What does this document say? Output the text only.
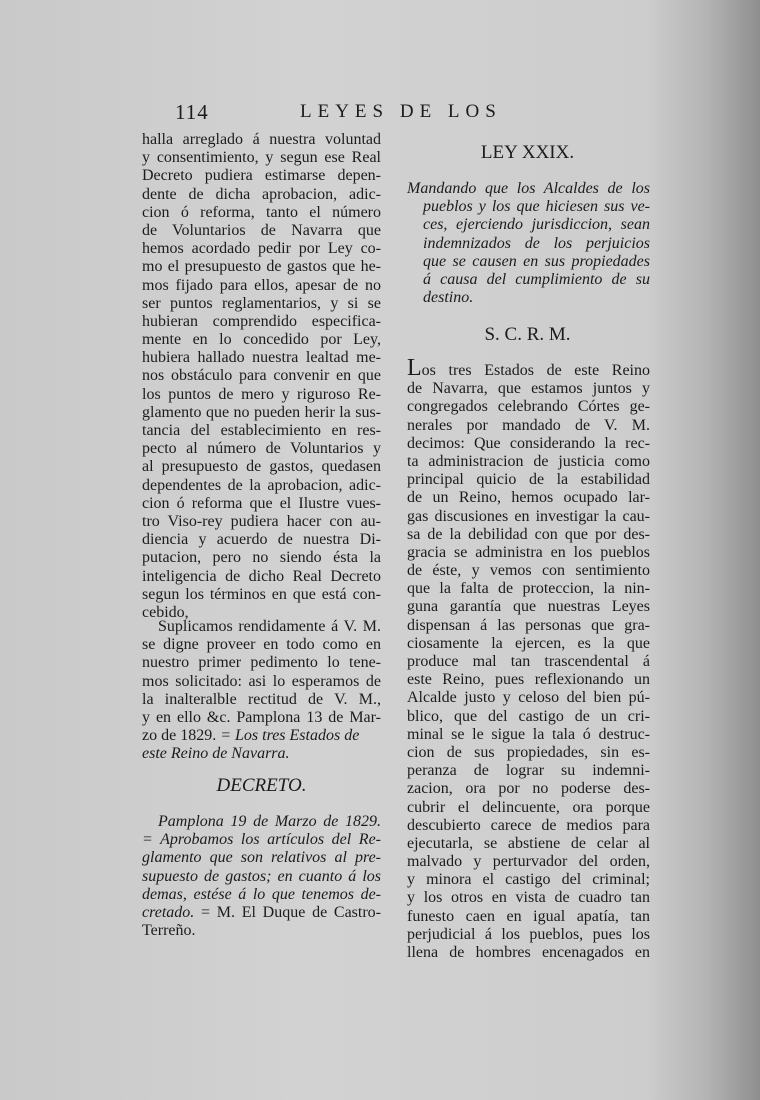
114	LEYES DE LOS
halla arreglado á nuestra voluntad
y consentimiento, y segun ese Real
Decreto pudiera estimarse depen-
dente de dicha aprobacion, adic-
cion ó reforma, tanto el número
de Voluntarios de Navarra que
hemos acordado pedir por Ley co-
mo el presupuesto de gastos que he-
mos fijado para ellos, apesar de no
ser puntos reglamentarios, y si se
hubieran comprendido especifica-
mente en lo concedido por Ley,
hubiera hallado nuestra lealtad me-
nos obstáculo para convenir en que
los puntos de mero y riguroso Re-
glamento que no pueden herir la sus-
tancia del establecimiento en res-
pecto al número de Voluntarios y
al presupuesto de gastos, quedasen
dependentes de la aprobacion, adic-
cion ó reforma que el Ilustre vues-
tro Viso-rey pudiera hacer con au-
diencia y acuerdo de nuestra Di-
putacion, pero no siendo ésta la
inteligencia de dicho Real Decreto
segun los términos en que está con-
cebido,
Suplicamos rendidamente á V. M.
se digne proveer en todo como en
nuestro primer pedimento lo tene-
mos solicitado: asi lo esperamos de
la inalteralble rectitud de V. M.,
y en ello &c. Pamplona 13 de Mar-
zo de 1829. = Los tres Estados de
este Reino de Navarra.
DECRETO.
Pamplona 19 de Marzo de 1829.
= Aprobamos los artículos del Re-
glamento que son relativos al pre-
supuesto de gastos; en cuanto á los
demas, estése á lo que tenemos de-
cretado. = M. El Duque de Castro-
Terreño.
LEY XXIX.
Mandando que los Alcaldes de los
pueblos y los que hiciesen sus ve-
ces, ejerciendo jurisdiccion, sean
indemnizados de los perjuicios
que se causen en sus propiedades
á causa del cumplimiento de su
destino.
S. C. R. M.
Los tres Estados de este Reino
de Navarra, que estamos juntos y
congregados celebrando Córtes ge-
nerales por mandado de V. M.
decimos: Que considerando la rec-
ta administracion de justicia como
principal quicio de la estabilidad
de un Reino, hemos ocupado lar-
gas discusiones en investigar la cau-
sa de la debilidad con que por des-
gracia se administra en los pueblos
de éste, y vemos con sentimiento
que la falta de proteccion, la nin-
guna garantía que nuestras Leyes
dispensan á las personas que gra-
ciosamente la ejercen, es la que
produce mal tan trascendental á
este Reino, pues reflexionando un
Alcalde justo y celoso del bien pú-
blico, que del castigo de un cri-
minal se le sigue la tala ó destruc-
cion de sus propiedades, sin es-
peranza de lograr su indemni-
zacion, ora por no poderse des-
cubrir el delincuente, ora porque
descubierto carece de medios para
ejecutarla, se abstiene de celar al
malvado y perturvador del orden,
y minora el castigo del criminal;
y los otros en vista de cuadro tan
funesto caen en igual apatía, tan
perjudicial á los pueblos, pues los
llena de hombres encenagados en
